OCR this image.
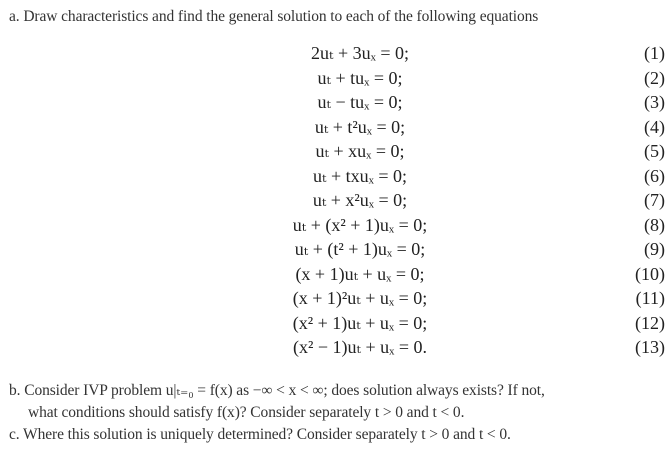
a. Draw characteristics and find the general solution to each of the following equations
2uₜ + 3uₓ = 0;	(1)
uₜ + tuₓ = 0;	(2)
uₜ − tuₓ = 0;	(3)
uₜ + t²uₓ = 0;	(4)
uₜ + xuₓ = 0;	(5)
uₜ + txuₓ = 0;	(6)
uₜ + x²uₓ = 0;	(7)
uₜ + (x² + 1)uₓ = 0;	(8)
uₜ + (t² + 1)uₓ = 0;	(9)
(x + 1)uₜ + uₓ = 0;	(10)
(x + 1)²uₜ + uₓ = 0;	(11)
(x² + 1)uₜ + uₓ = 0;	(12)
(x² − 1)uₜ + uₓ = 0.	(13)
b. Consider IVP problem u|ₜ₌₀ = f(x) as −∞ < x < ∞; does solution always exists? If not,
what conditions should satisfy f(x)? Consider separately t > 0 and t < 0.
c. Where this solution is uniquely determined? Consider separately t > 0 and t < 0.
